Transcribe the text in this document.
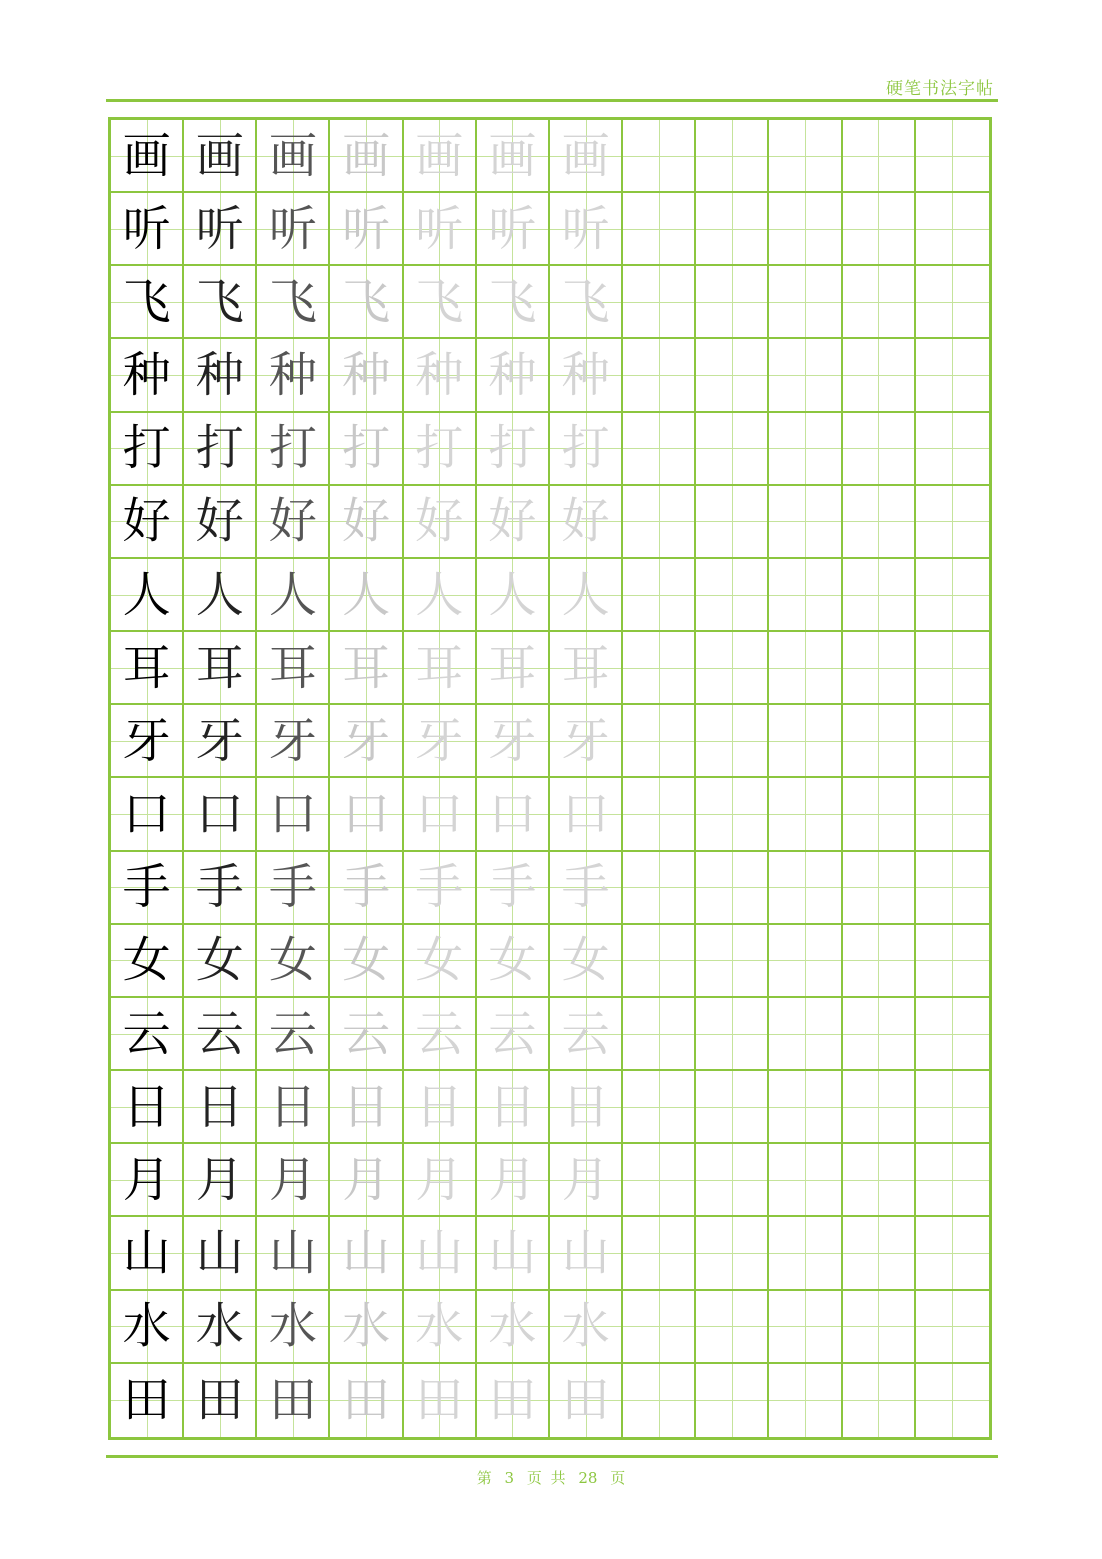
硬笔书法字帖
画 画 画 画 画 画 画
听 听 听 听 听 听 听
飞 飞 飞 飞 飞 飞 飞
种 种 种 种 种 种 种
打 打 打 打 打 打 打
好 好 好 好 好 好 好
人 人 人 人 人 人 人
耳 耳 耳 耳 耳 耳 耳
牙 牙 牙 牙 牙 牙 牙
口 口 口 口 口 口 口
手 手 手 手 手 手 手
女 女 女 女 女 女 女
云 云 云 云 云 云 云
日 日 日 日 日 日 日
月 月 月 月 月 月 月
山 山 山 山 山 山 山
水 水 水 水 水 水 水
田 田 田 田 田 田 田
第 3 页 共 28 页
